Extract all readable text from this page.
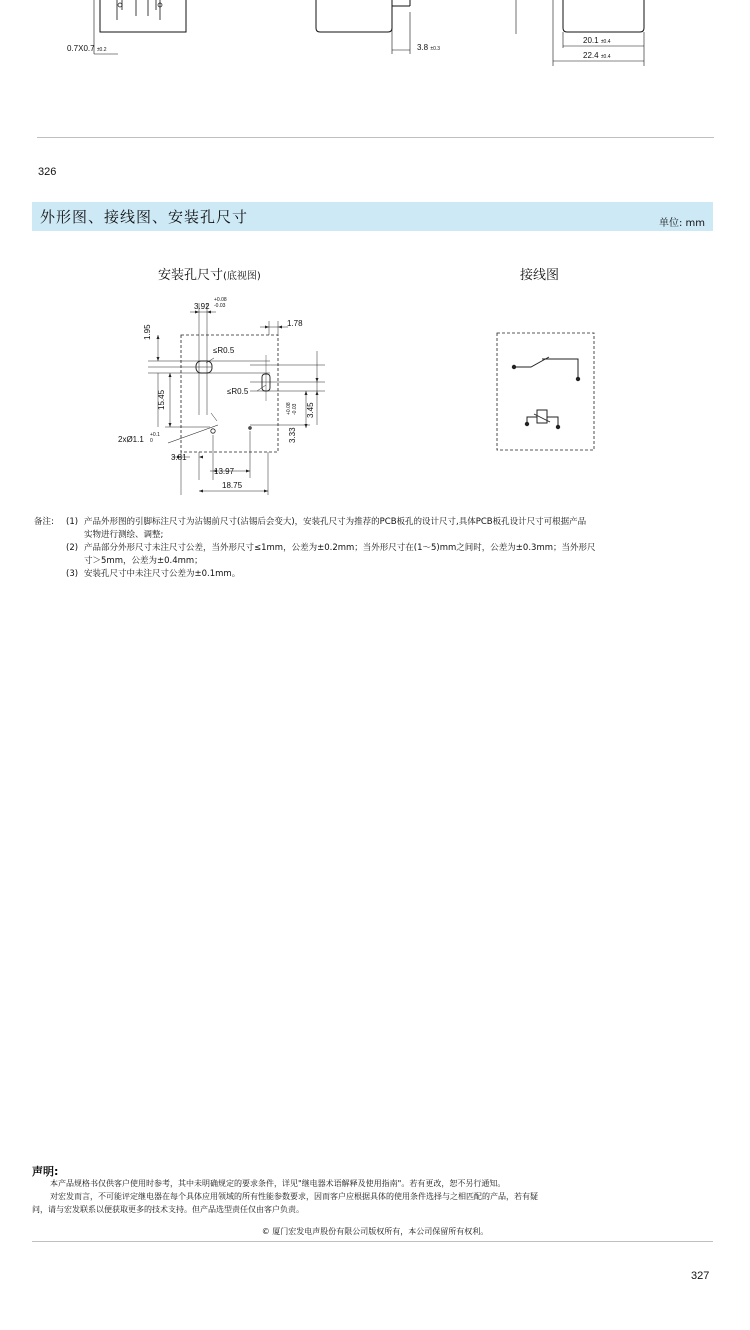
0.7X0.7 ±0.2	3.8 ±0.3
20.1 ±0.4
22.4 ±0.4
326
外形图、接线图、安装孔尺寸	单位: mm
安装孔尺寸(底视图)
3.92
+0.08
-0.03
1.78
1.95
≤R0.5
≤R0.5
15.45
3.33
+0.08 -0.03 3.45
2xØ1.1 +0.1
0
3.81
13.97
18.75
接线图
备注: (1) 产品外形图的引脚标注尺寸为沾锡前尺寸(沾锡后会变大)，安装孔尺寸为推荐的PCB板孔的设计尺寸,具体PCB板孔设计尺寸可根据产品
实物进行测绘、调整;
(2) 产品部分外形尺寸未注尺寸公差，当外形尺寸≤1mm，公差为±0.2mm；当外形尺寸在(1～5)mm之间时，公差为±0.3mm；当外形尺
寸＞5mm，公差为±0.4mm；
(3) 安装孔尺寸中未注尺寸公差为±0.1mm。
声明:
本产品规格书仅供客户使用时参考，其中未明确规定的要求条件，详见"继电器术语解释及使用指南"。若有更改，恕不另行通知。
对宏发而言，不可能评定继电器在每个具体应用领域的所有性能参数要求，因而客户应根据具体的使用条件选择与之相匹配的产品，若有疑
问，请与宏发联系以便获取更多的技术支持。但产品选型责任仅由客户负责。
© 厦门宏发电声股份有限公司版权所有，本公司保留所有权利。
327
